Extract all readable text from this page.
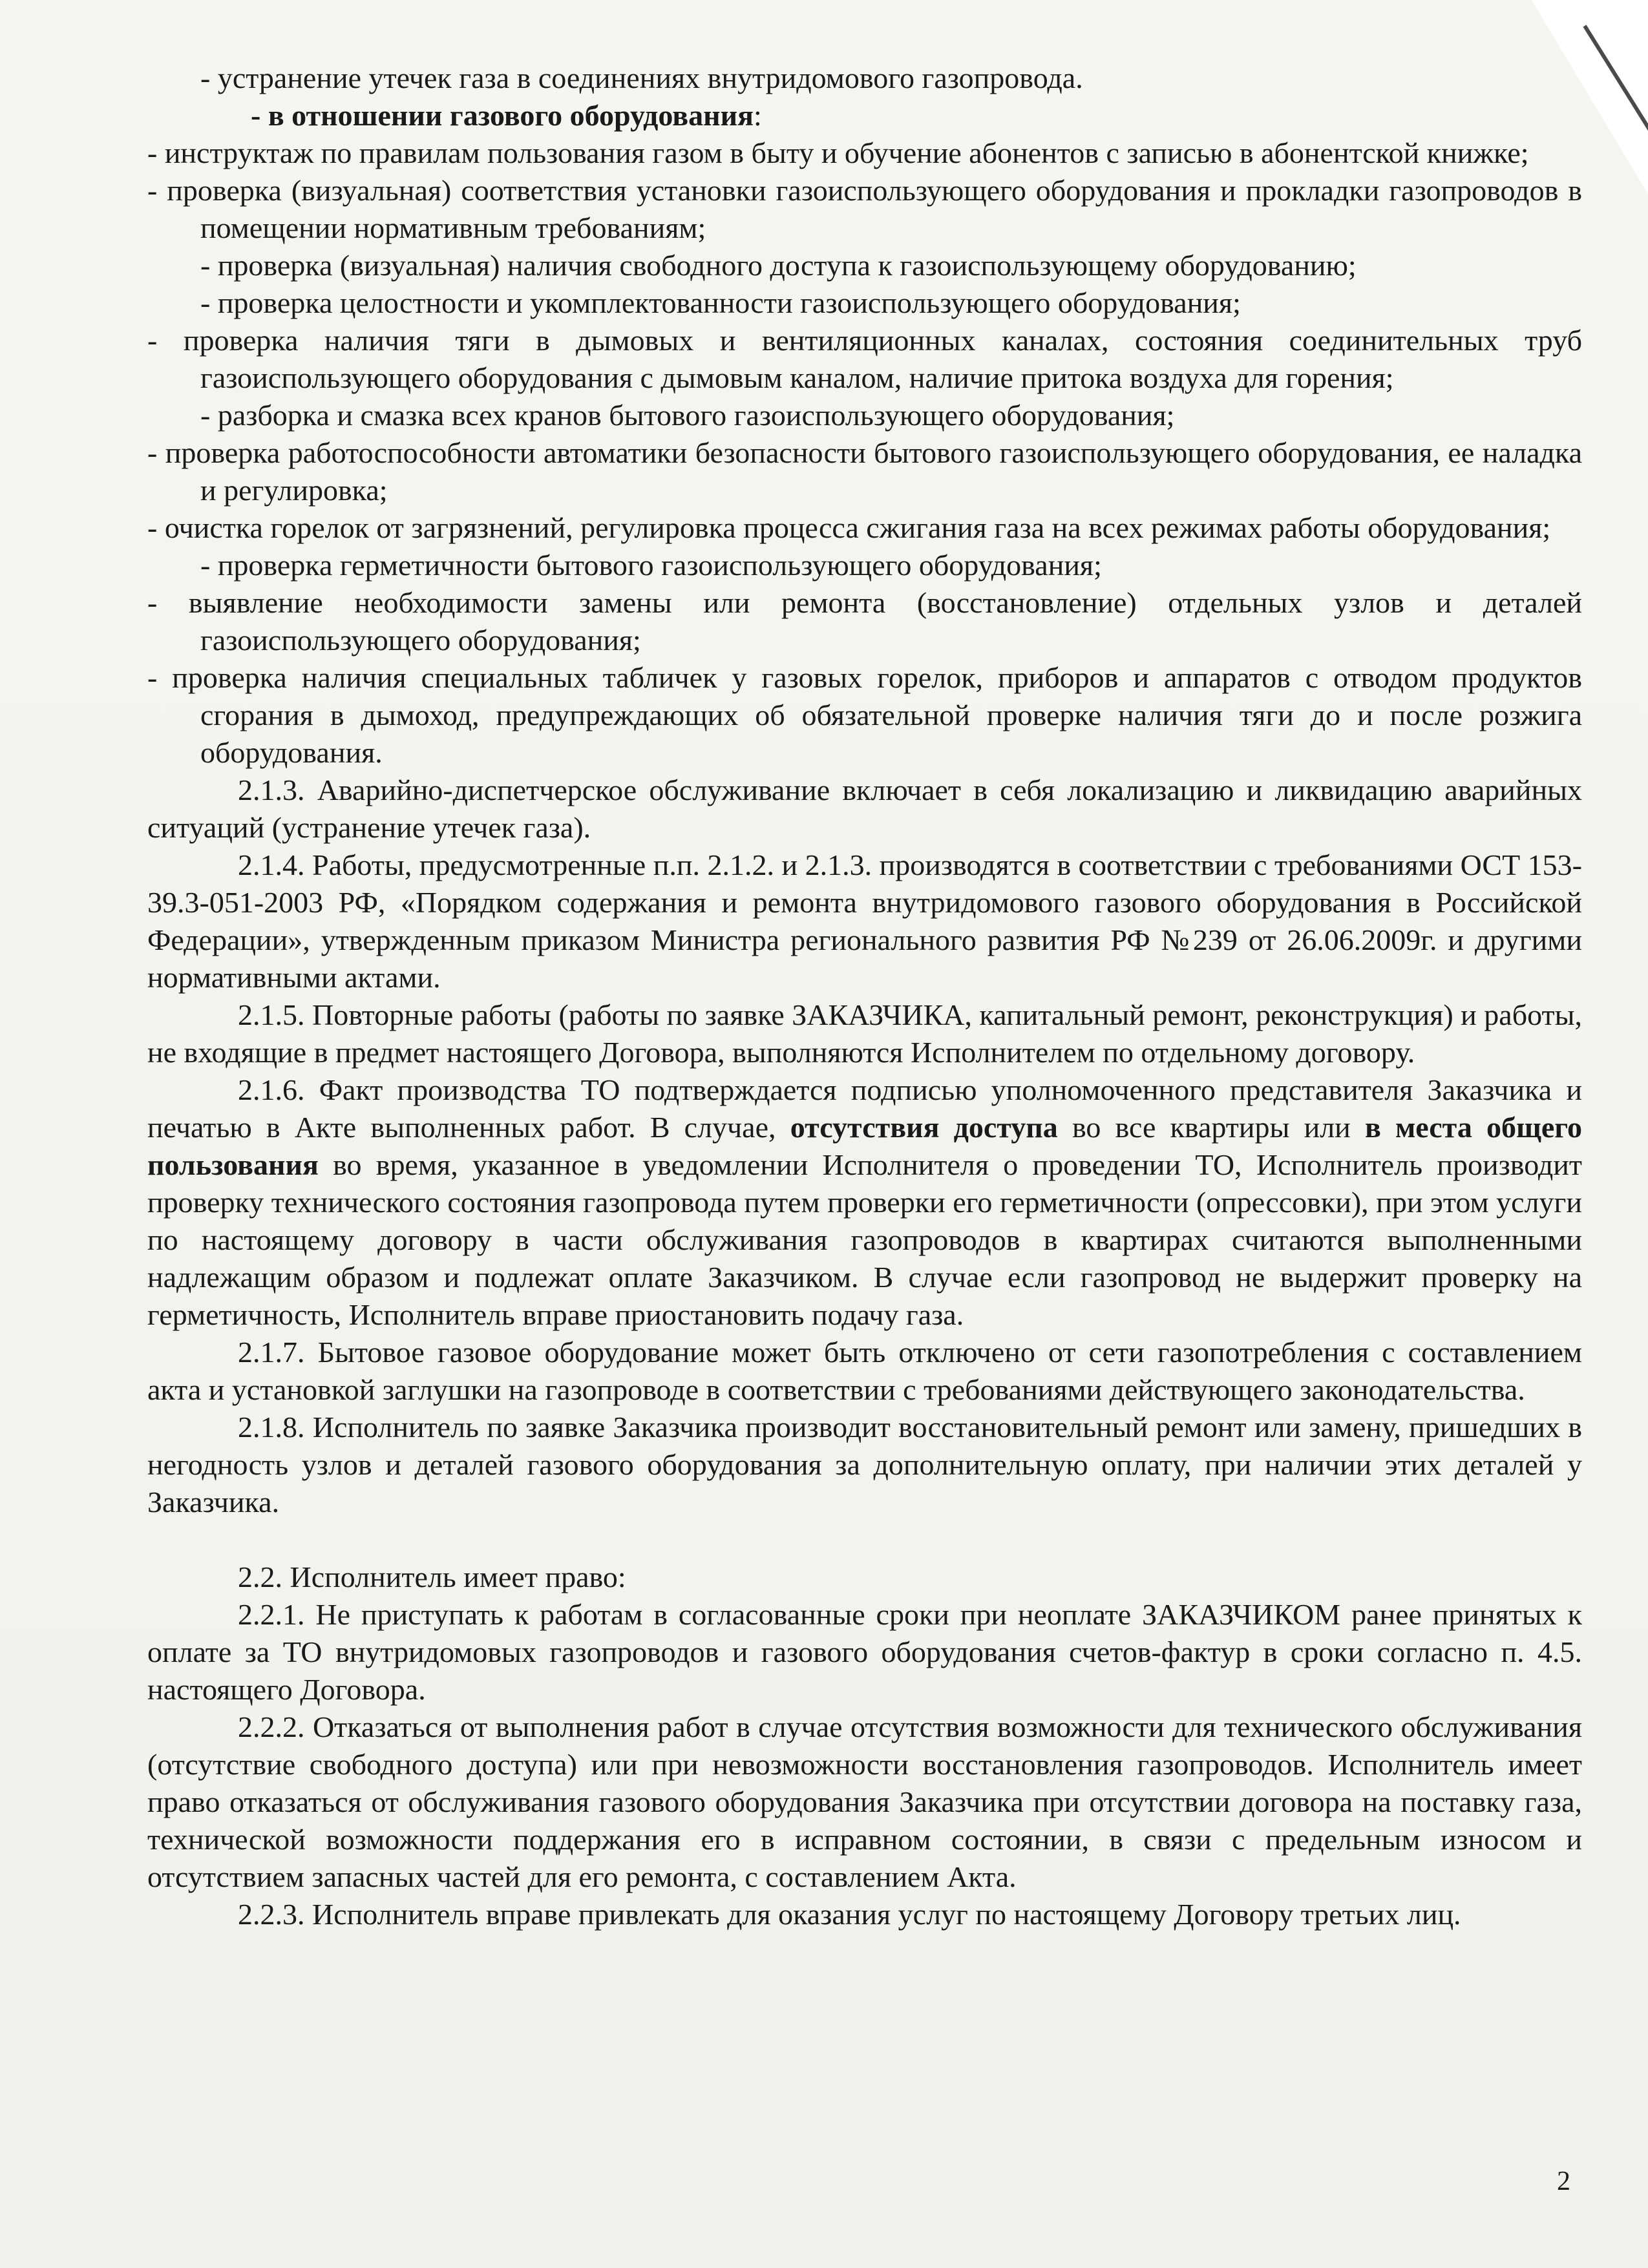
- устранение утечек газа в соединениях внутридомового газопровода.

- в отношении газового оборудования:

- инструктаж по правилам пользования газом в быту и обучение абонентов с записью в абонентской книжке;

- проверка (визуальная) соответствия установки газоиспользующего оборудования и прокладки газопроводов в помещении нормативным требованиям;

- проверка (визуальная) наличия свободного доступа к газоиспользующему оборудованию;

- проверка целостности и укомплектованности газоиспользующего оборудования;

- проверка наличия тяги в дымовых и вентиляционных каналах, состояния соединительных труб газоиспользующего оборудования с дымовым каналом, наличие притока воздуха для горения;

- разборка и смазка всех кранов бытового газоиспользующего оборудования;

- проверка работоспособности автоматики безопасности бытового газоиспользующего оборудования, ее наладка и регулировка;

- очистка горелок от загрязнений, регулировка процесса сжигания газа на всех режимах работы оборудования;

- проверка герметичности бытового газоиспользующего оборудования;

- выявление необходимости замены или ремонта (восстановление) отдельных узлов и деталей газоиспользующего оборудования;

- проверка наличия специальных табличек у газовых горелок, приборов и аппаратов с отводом продуктов сгорания в дымоход, предупреждающих об обязательной проверке наличия тяги до и после розжига оборудования.

2.1.3. Аварийно-диспетчерское обслуживание включает в себя локализацию и ликвидацию аварийных ситуаций (устранение утечек газа).

2.1.4. Работы, предусмотренные п.п. 2.1.2. и 2.1.3. производятся в соответствии с требованиями ОСТ 153-39.3-051-2003 РФ, «Порядком содержания и ремонта внутридомового газового оборудования в Российской Федерации», утвержденным приказом Министра регионального развития РФ №239 от 26.06.2009г. и другими нормативными актами.

2.1.5. Повторные работы (работы по заявке ЗАКАЗЧИКА, капитальный ремонт, реконструкция) и работы, не входящие в предмет настоящего Договора, выполняются Исполнителем по отдельному договору.

2.1.6. Факт производства ТО подтверждается подписью уполномоченного представителя Заказчика и печатью в Акте выполненных работ. В случае, отсутствия доступа во все квартиры или в места общего пользования во время, указанное в уведомлении Исполнителя о проведении ТО, Исполнитель производит проверку технического состояния газопровода путем проверки его герметичности (опрессовки), при этом услуги по настоящему договору в части обслуживания газопроводов в квартирах считаются выполненными надлежащим образом и подлежат оплате Заказчиком. В случае если газопровод не выдержит проверку на герметичность, Исполнитель вправе приостановить подачу газа.

2.1.7. Бытовое газовое оборудование может быть отключено от сети газопотребления с составлением акта и установкой заглушки на газопроводе в соответствии с требованиями действующего законодательства.

2.1.8. Исполнитель по заявке Заказчика производит восстановительный ремонт или замену, пришедших в негодность узлов и деталей газового оборудования за дополнительную оплату, при наличии этих деталей у Заказчика.

2.2. Исполнитель имеет право:

2.2.1. Не приступать к работам в согласованные сроки при неоплате ЗАКАЗЧИКОМ ранее принятых к оплате за ТО внутридомовых газопроводов и газового оборудования счетов-фактур в сроки согласно п. 4.5. настоящего Договора.

2.2.2. Отказаться от выполнения работ в случае отсутствия возможности для технического обслуживания (отсутствие свободного доступа) или при невозможности восстановления газопроводов. Исполнитель имеет право отказаться от обслуживания газового оборудования Заказчика при отсутствии договора на поставку газа, технической возможности поддержания его в исправном состоянии, в связи с предельным износом и отсутствием запасных частей для его ремонта, с составлением Акта.

2.2.3. Исполнитель вправе привлекать для оказания услуг по настоящему Договору третьих лиц.

2
